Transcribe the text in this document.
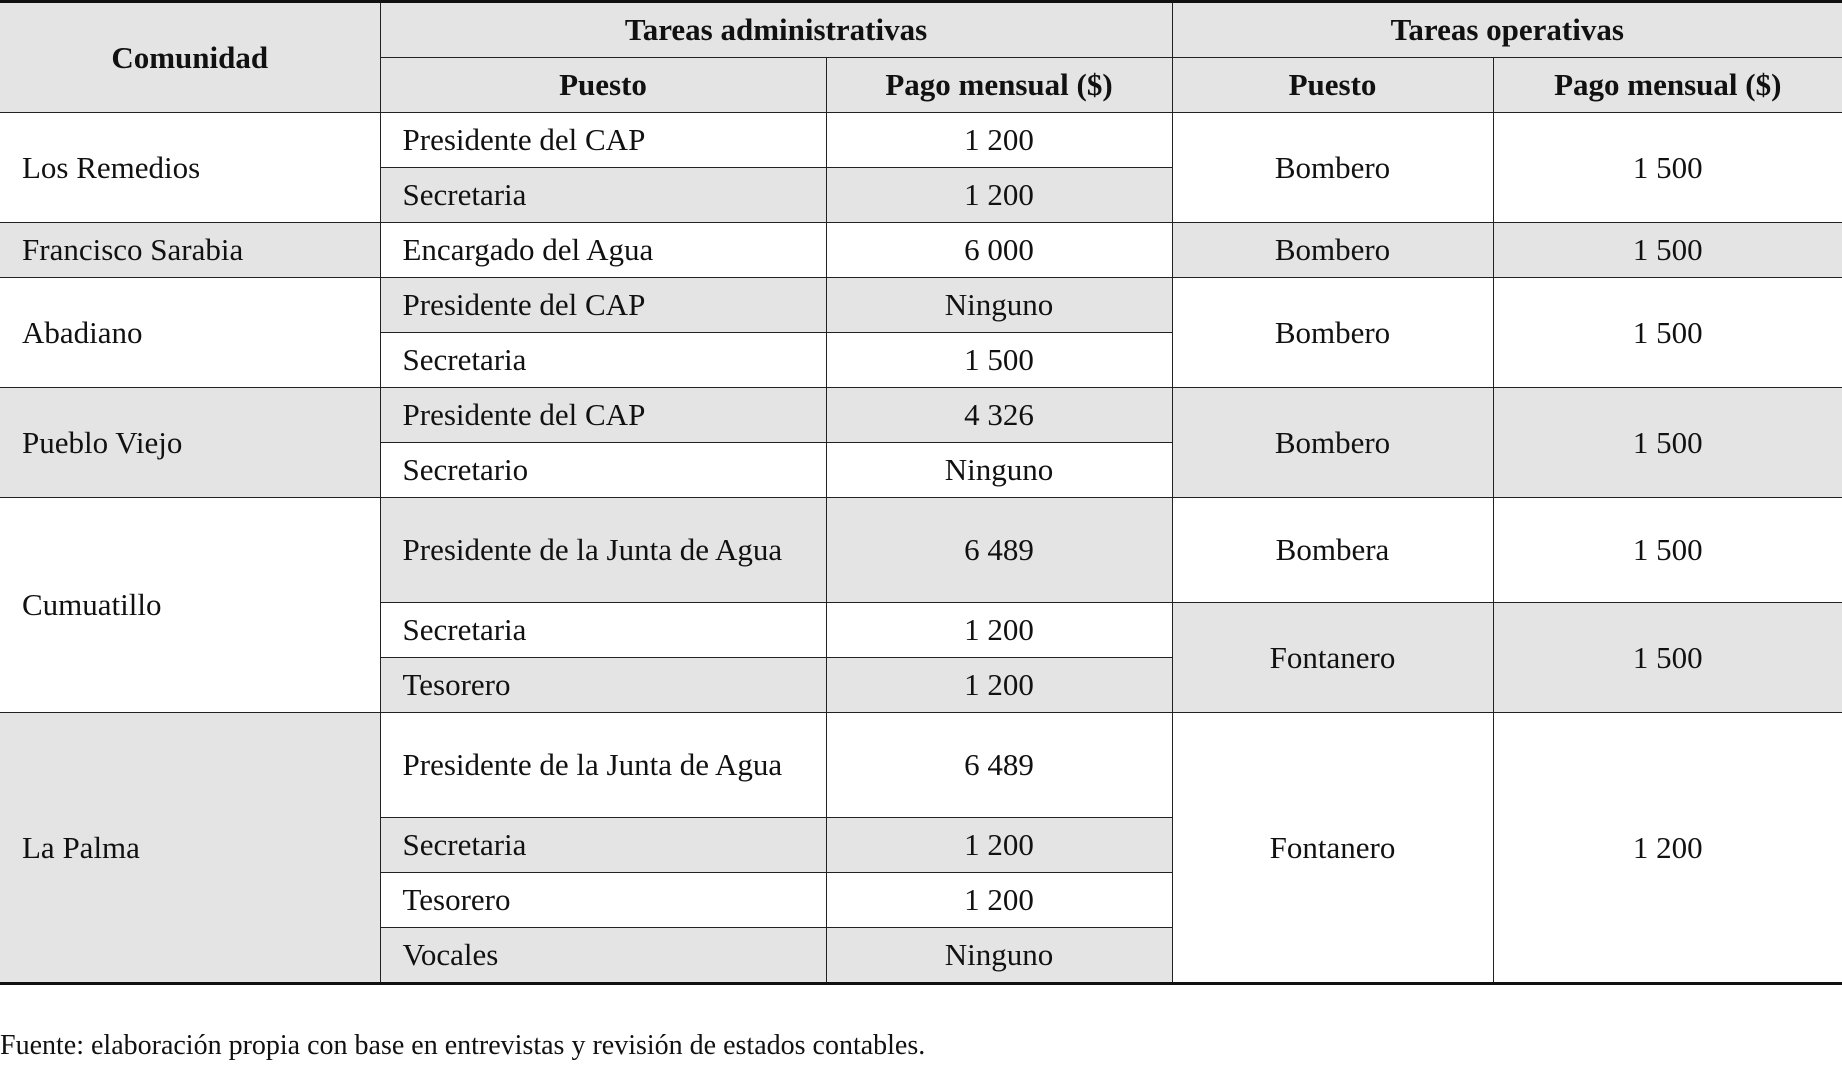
Comunidad	Tareas administrativas		Tareas operativas	
	Puesto	Pago mensual ($)	Puesto	Pago mensual ($)
Los Remedios	Presidente del CAP	1 200	Bombero	1 500
	Secretaria	1 200		
Francisco Sarabia	Encargado del Agua	6 000	Bombero	1 500
Abadiano	Presidente del CAP	Ninguno	Bombero	1 500
	Secretaria	1 500		
Pueblo Viejo	Presidente del CAP	4 326	Bombero	1 500
	Secretario	Ninguno		
Cumuatillo	Presidente de la Junta de Agua	6 489	Bombera	1 500
	Secretaria	1 200	Fontanero	1 500
	Tesorero	1 200		
La Palma	Presidente de la Junta de Agua	6 489	Fontanero	1 200
	Secretaria	1 200		
	Tesorero	1 200		
	Vocales	Ninguno		
Fuente: elaboración propia con base en entrevistas y revisión de estados contables.
